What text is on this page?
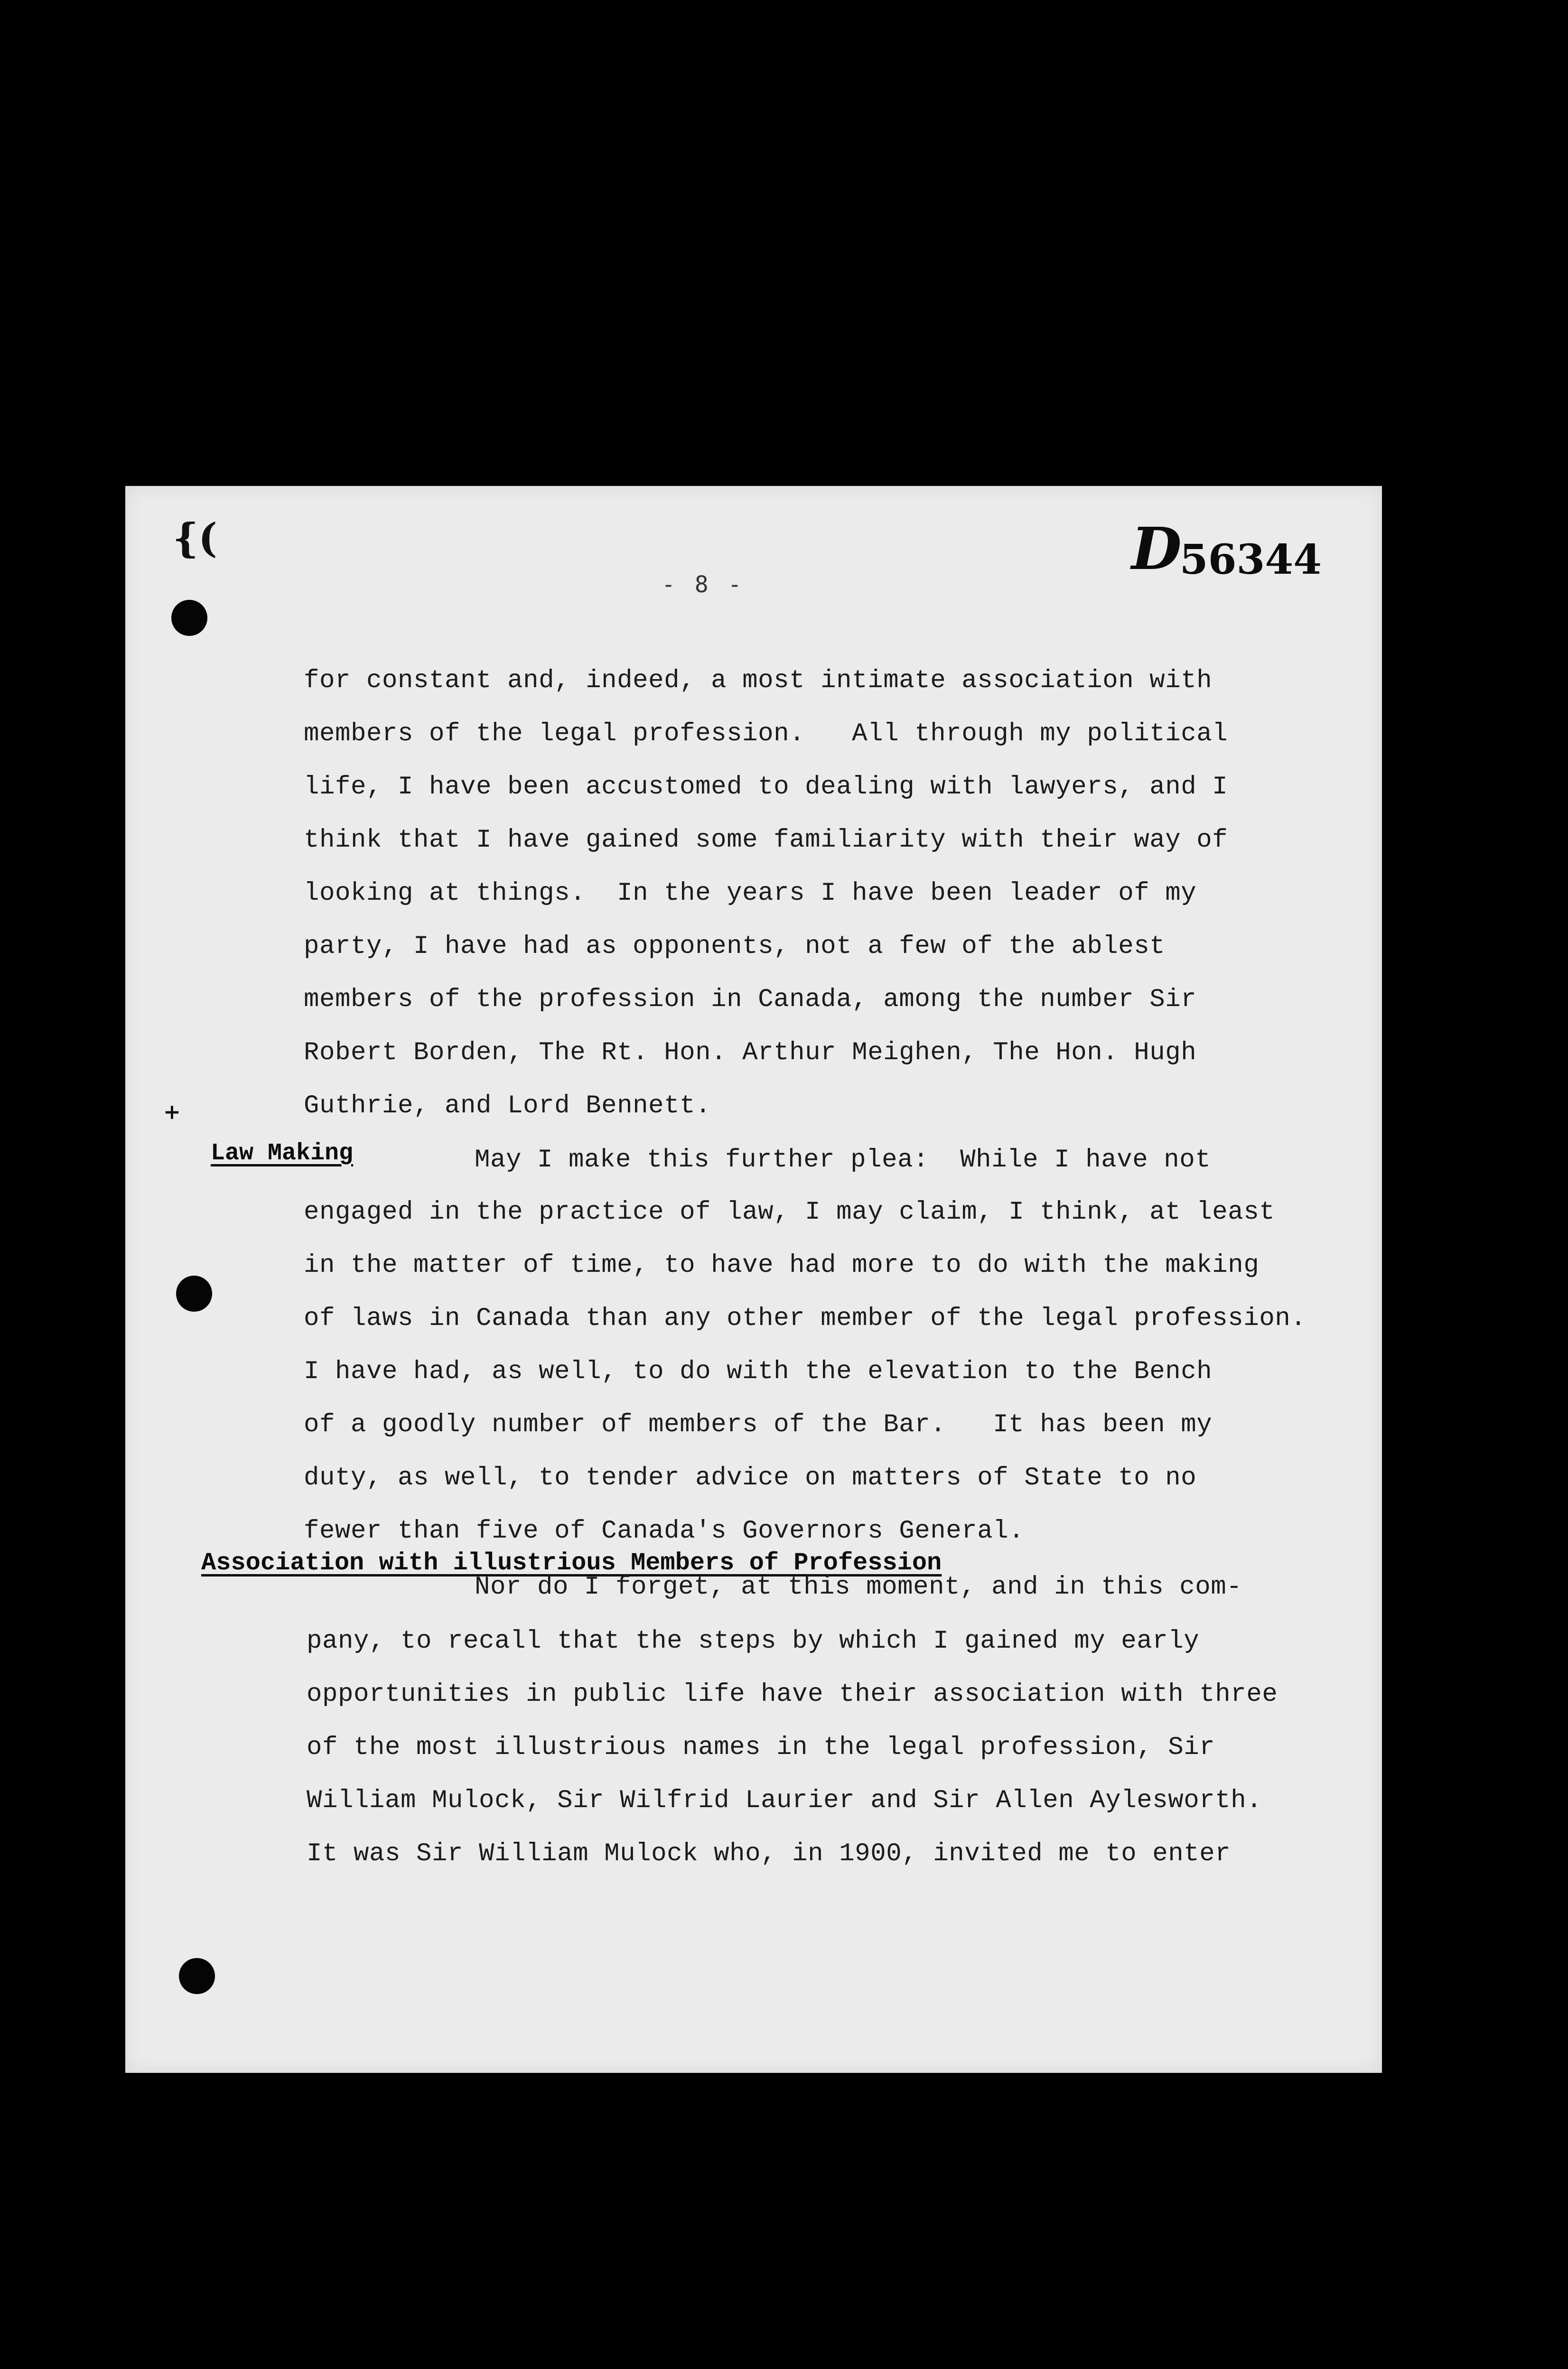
{(
+
- 8 -
D56344
for constant and, indeed, a most intimate association with
members of the legal profession.   All through my political
life, I have been accustomed to dealing with lawyers, and I
think that I have gained some familiarity with their way of
looking at things.  In the years I have been leader of my
party, I have had as opponents, not a few of the ablest
members of the profession in Canada, among the number Sir
Robert Borden, The Rt. Hon. Arthur Meighen, The Hon. Hugh
Guthrie, and Lord Bennett.
Law Making	May I make this further plea:  While I have not
engaged in the practice of law, I may claim, I think, at least
in the matter of time, to have had more to do with the making
of laws in Canada than any other member of the legal profession.
I have had, as well, to do with the elevation to the Bench
of a goodly number of members of the Bar.   It has been my
duty, as well, to tender advice on matters of State to no
fewer than five of Canada's Governors General.
Association with illustrious Members of Profession
Nor do I forget, at this moment, and in this com-
pany, to recall that the steps by which I gained my early
opportunities in public life have their association with three
of the most illustrious names in the legal profession, Sir
William Mulock, Sir Wilfrid Laurier and Sir Allen Aylesworth.
It was Sir William Mulock who, in 1900, invited me to enter
